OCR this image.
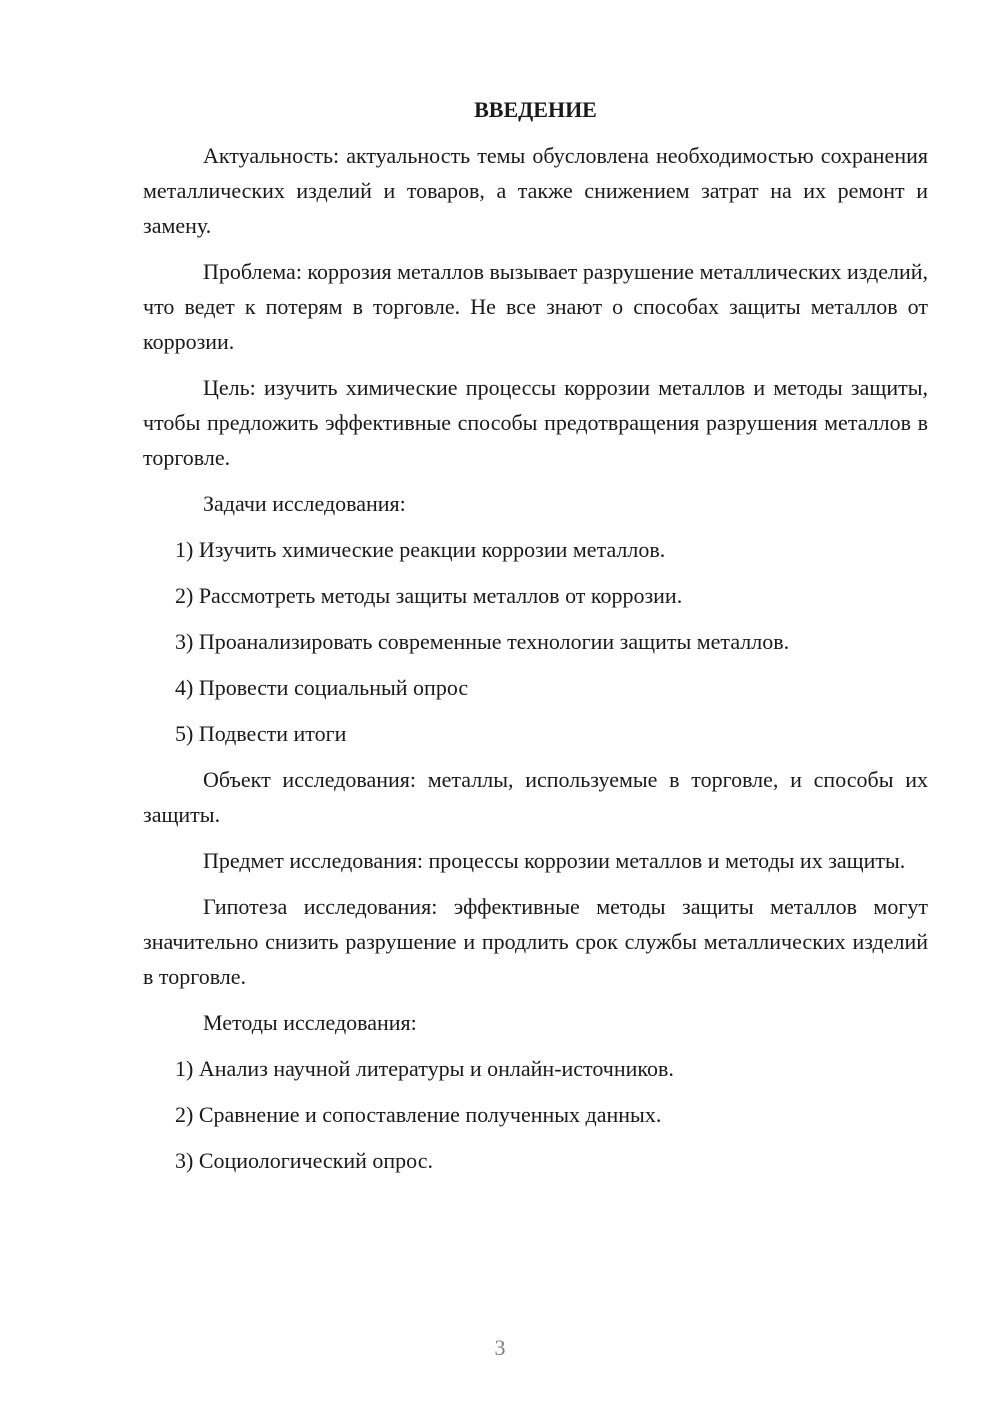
ВВЕДЕНИЕ

Актуальность: актуальность темы обусловлена необходимостью сохранения металлических изделий и товаров, а также снижением затрат на их ремонт и замену.

Проблема: коррозия металлов вызывает разрушение металлических изделий, что ведет к потерям в торговле. Не все знают о способах защиты металлов от коррозии.

Цель: изучить химические процессы коррозии металлов и методы защиты, чтобы предложить эффективные способы предотвращения разрушения металлов в торговле.

Задачи исследования:

1) Изучить химические реакции коррозии металлов.

2) Рассмотреть методы защиты металлов от коррозии.

3) Проанализировать современные технологии защиты металлов.

4) Провести социальный опрос

5) Подвести итоги

Объект исследования: металлы, используемые в торговле, и способы их защиты.

Предмет исследования: процессы коррозии металлов и методы их защиты.

Гипотеза исследования: эффективные методы защиты металлов могут значительно снизить разрушение и продлить срок службы металлических изделий в торговле.

Методы исследования:

1) Анализ научной литературы и онлайн-источников.

2) Сравнение и сопоставление полученных данных.

3) Социологический опрос.

3
